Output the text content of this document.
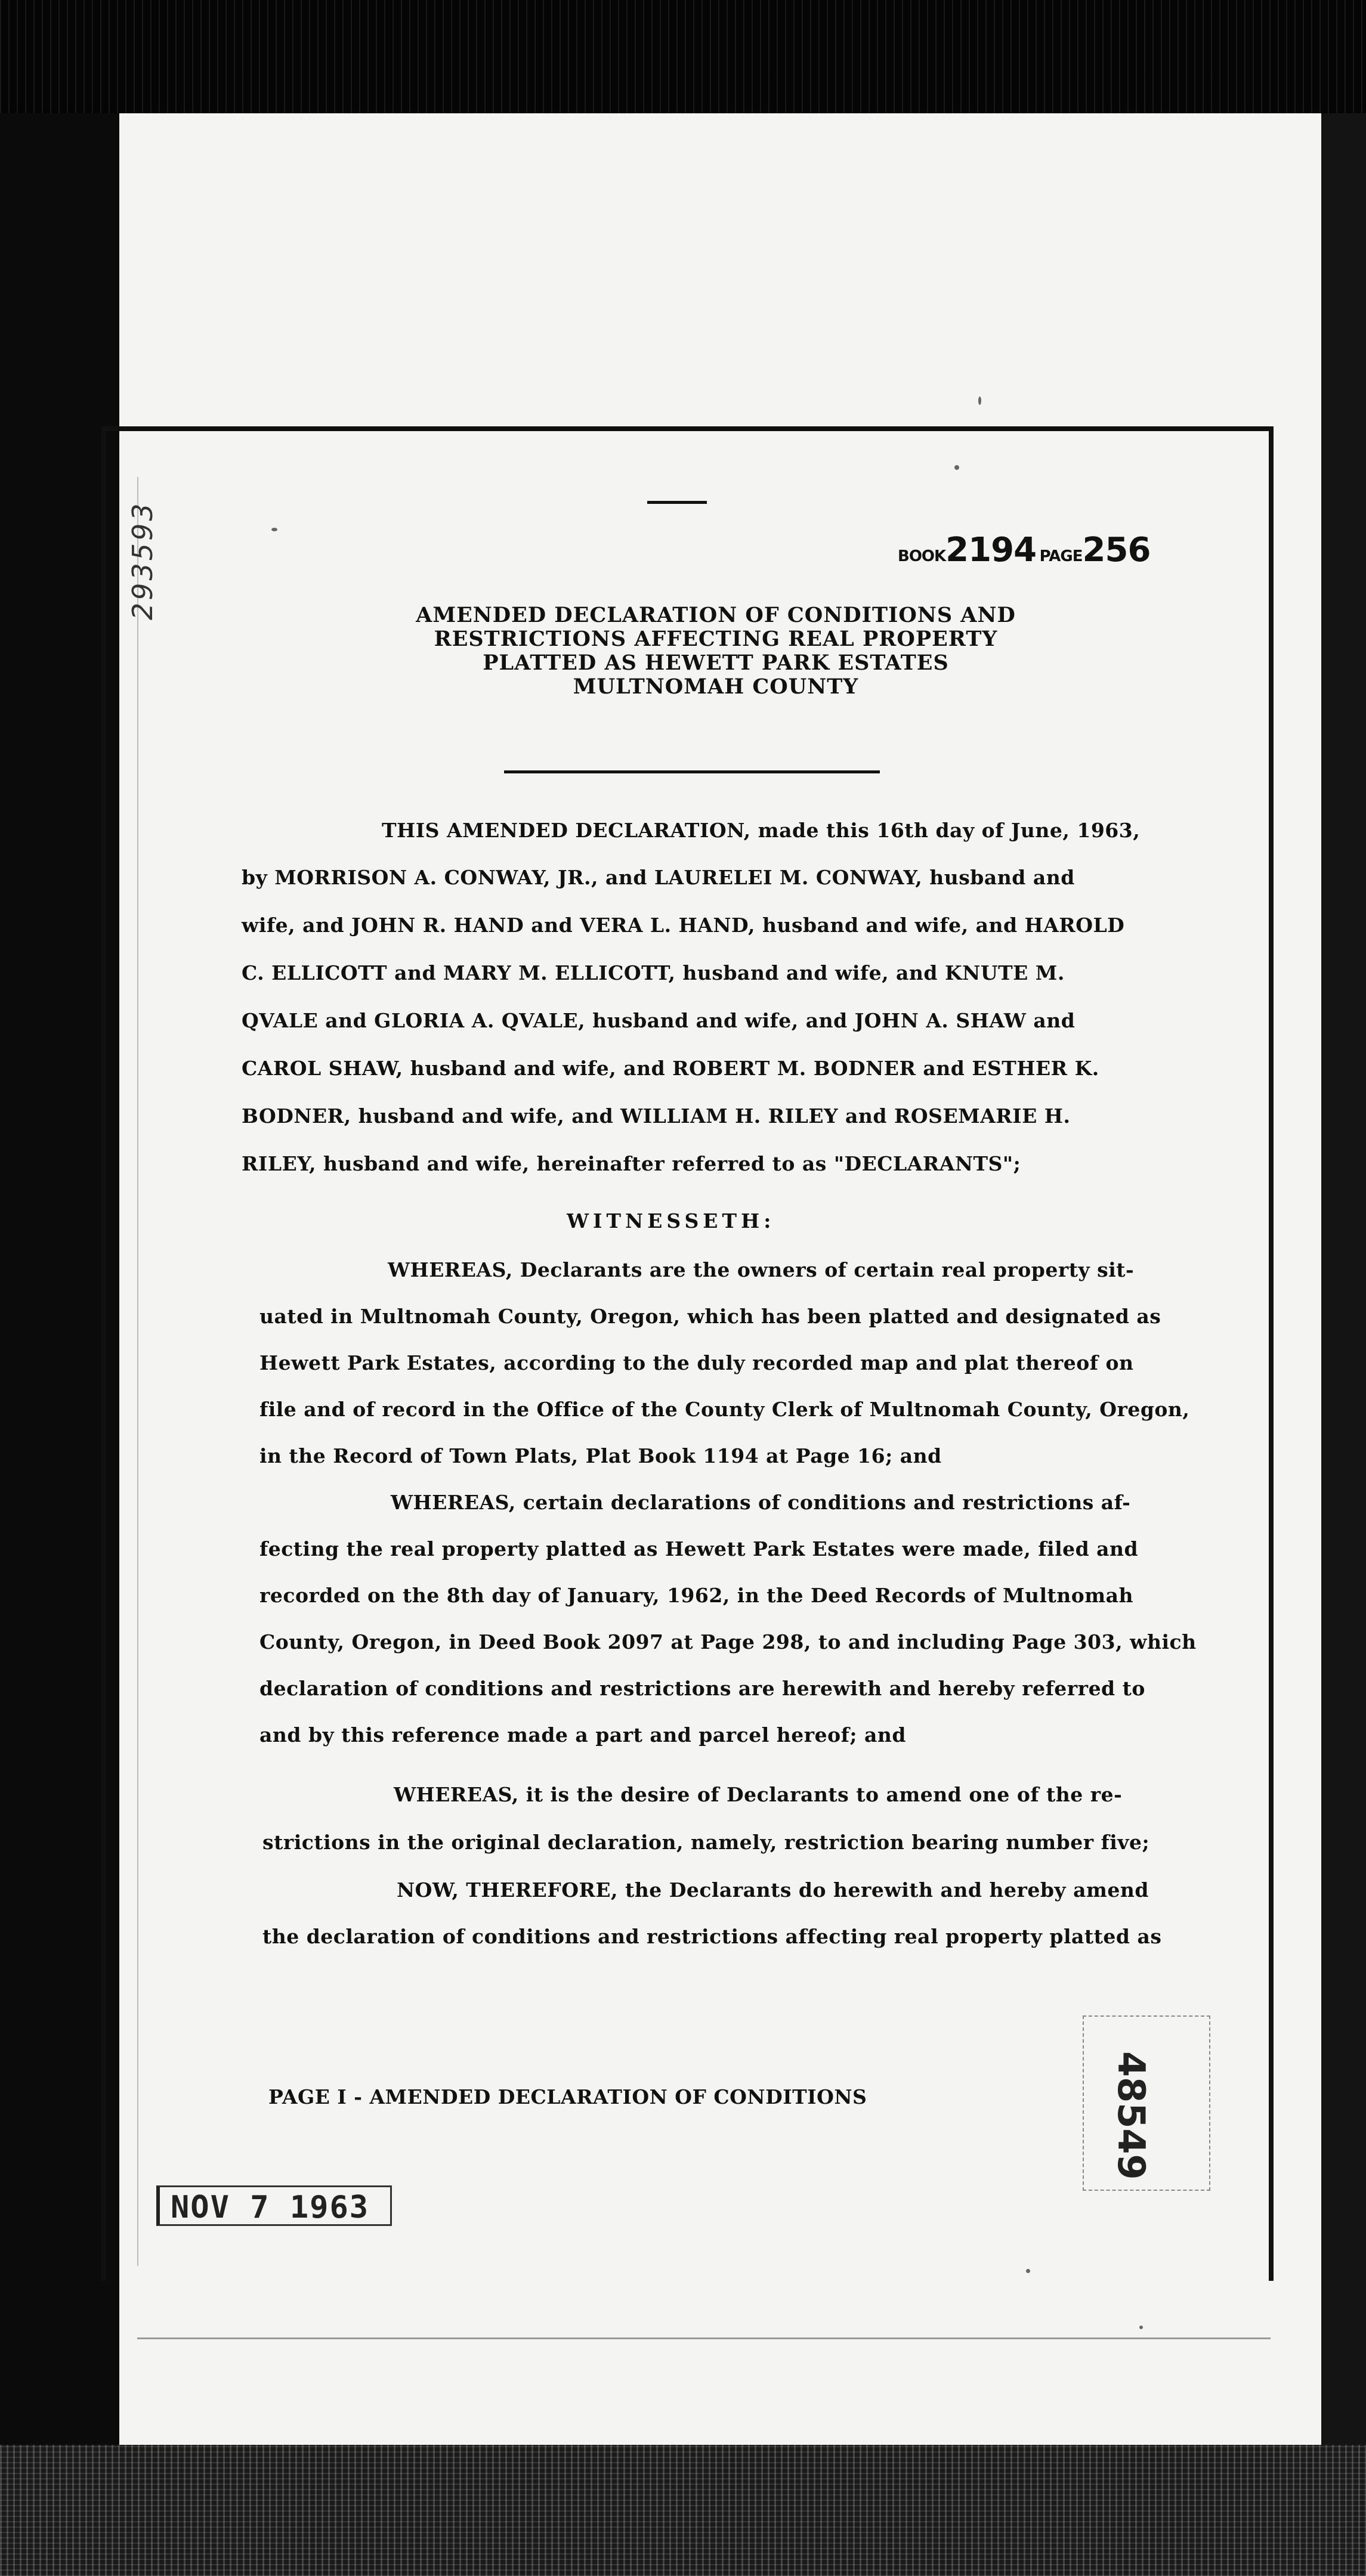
293593	BOOK2194 PAGE256
AMENDED DECLARATION OF CONDITIONS AND
RESTRICTIONS AFFECTING REAL PROPERTY
PLATTED AS HEWETT PARK ESTATES
MULTNOMAH COUNTY
THIS AMENDED DECLARATION, made this 16th day of June, 1963,
by MORRISON A. CONWAY, JR., and LAURELEI M. CONWAY, husband and
wife, and JOHN R. HAND and VERA L. HAND, husband and wife, and HAROLD
C. ELLICOTT and MARY M. ELLICOTT, husband and wife, and KNUTE M.
QVALE and GLORIA A. QVALE, husband and wife, and JOHN A. SHAW and
CAROL SHAW, husband and wife, and ROBERT M. BODNER and ESTHER K.
BODNER, husband and wife, and WILLIAM H. RILEY and ROSEMARIE H.
RILEY, husband and wife, hereinafter referred to as "DECLARANTS";
WITNESSETH:
WHEREAS, Declarants are the owners of certain real property sit-
uated in Multnomah County, Oregon, which has been platted and designated as
Hewett Park Estates, according to the duly recorded map and plat thereof on
file and of record in the Office of the County Clerk of Multnomah County, Oregon,
in the Record of Town Plats, Plat Book 1194 at Page 16; and
WHEREAS, certain declarations of conditions and restrictions af-
fecting the real property platted as Hewett Park Estates were made, filed and
recorded on the 8th day of January, 1962, in the Deed Records of Multnomah
County, Oregon, in Deed Book 2097 at Page 298, to and including Page 303, which
declaration of conditions and restrictions are herewith and hereby referred to
and by this reference made a part and parcel hereof; and
WHEREAS, it is the desire of Declarants to amend one of the re-
strictions in the original declaration, namely, restriction bearing number five;
NOW, THEREFORE, the Declarants do herewith and hereby amend
the declaration of conditions and restrictions affecting real property platted as
PAGE I - AMENDED DECLARATION OF CONDITIONS	48549
NOV 7 1963
